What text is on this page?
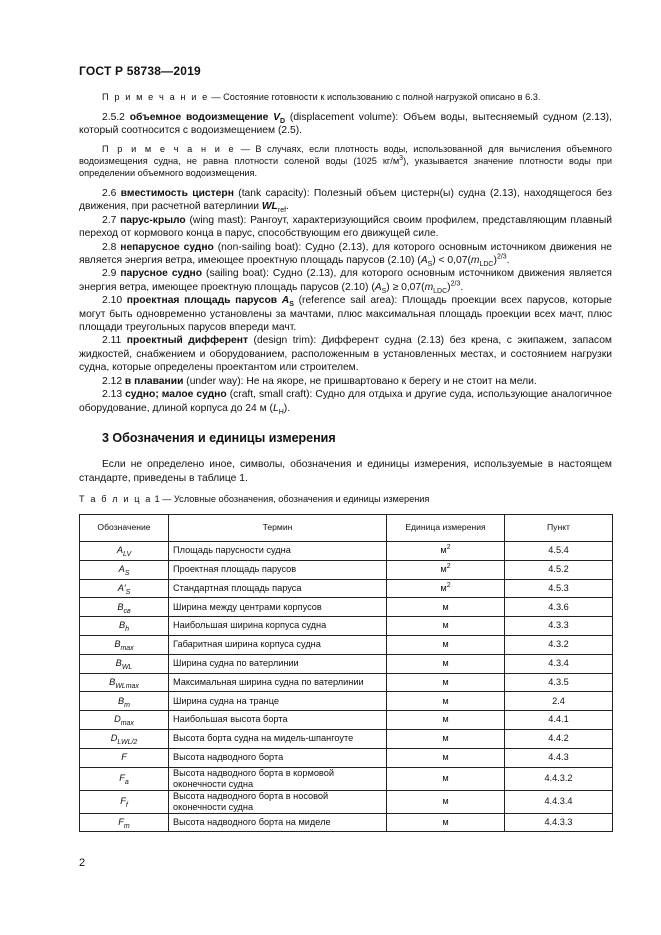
ГОСТ Р 58738—2019

П р и м е ч а н и е — Состояние готовности к использованию с полной нагрузкой описано в 6.3.

2.5.2 объемное водоизмещение $V_D$ (displacement volume): Объем воды, вытесняемый судном (2.13), который соотносится с водоизмещением (2.5).

П р и м е ч а н и е — В случаях, если плотность воды, использованной для вычисления объемного водоизмещения судна, не равна плотности соленой воды (1025 $кг/м^3$), указывается значение плотности воды при определении объемного водоизмещения.

2.6 вместимость цистерн (tank capacity): Полезный объем цистерн(ы) судна (2.13), находящегося без движения, при расчетной ватерлинии $WL_{ref}$.

2.7 парус-крыло (wing mast): Рангоут, характеризующийся своим профилем, представляющим плавный переход от кормового конца в парус, способствующим его движущей силе.

2.8 непарусное судно (non-sailing boat): Судно (2.13), для которого основным источником движения не является энергия ветра, имеющее проектную площадь парусов (2.10) $(A_S) < 0,07(m_{LDC})^{2/3}$.

2.9 парусное судно (sailing boat): Судно (2.13), для которого основным источником движения является энергия ветра, имеющее проектную площадь парусов (2.10) $(A_S) \ge 0,07(m_{LDC})^{2/3}$.

2.10 проектная площадь парусов $A_S$ (reference sail area): Площадь проекции всех парусов, которые могут быть одновременно установлены за мачтами, плюс максимальная площадь проекции всех мачт, плюс площади треугольных парусов впереди мачт.

2.11 проектный дифферент (design trim): Дифферент судна (2.13) без крена, с экипажем, запасом жидкостей, снабжением и оборудованием, расположенным в установленных местах, и состоянием нагрузки судна, которые определены проектантом или строителем.

2.12 в плавании (under way): Не на якоре, не пришвартовано к берегу и не стоит на мели.

2.13 судно; малое судно (craft, small craft): Судно для отдыха и другие суда, использующие аналогичное оборудование, длиной корпуса до 24 м $(L_H)$.

3 Обозначения и единицы измерения

Если не определено иное, символы, обозначения и единицы измерения, используемые в настоящем стандарте, приведены в таблице 1.

Т а б л и ц а 1 — Условные обозначения, обозначения и единицы измерения

Обозначение	Термин	Единица измерения	Пункт
$A_{LV}$	Площадь парусности судна	$м^2$	4.5.4
$A_S$	Проектная площадь парусов	$м^2$	4.5.2
$A'_S$	Стандартная площадь паруса	$м^2$	4.5.3
$B_{cв}$	Ширина между центрами корпусов	м	4.3.6
$B_h$	Наибольшая ширина корпуса судна	м	4.3.3
$B_{max}$	Габаритная ширина корпуса судна	м	4.3.2
$B_{WL}$	Ширина судна по ватерлинии	м	4.3.4
$B_{WLmax}$	Максимальная ширина судна по ватерлинии	м	4.3.5
$B_т$	Ширина судна на транце	м	2.4
$D_{max}$	Наибольшая высота борта	м	4.4.1
$D_{LWL/2}$	Высота борта судна на мидель-шпангоуте	м	4.4.2
F	Высота надводного борта	м	4.4.3
$F_a$	Высота надводного борта в кормовой оконечности судна	м	4.4.3.2
$F_f$	Высота надводного борта в носовой оконечности судна	м	4.4.3.4
$F_m$	Высота надводного борта на миделе	м	4.4.3.3
2
